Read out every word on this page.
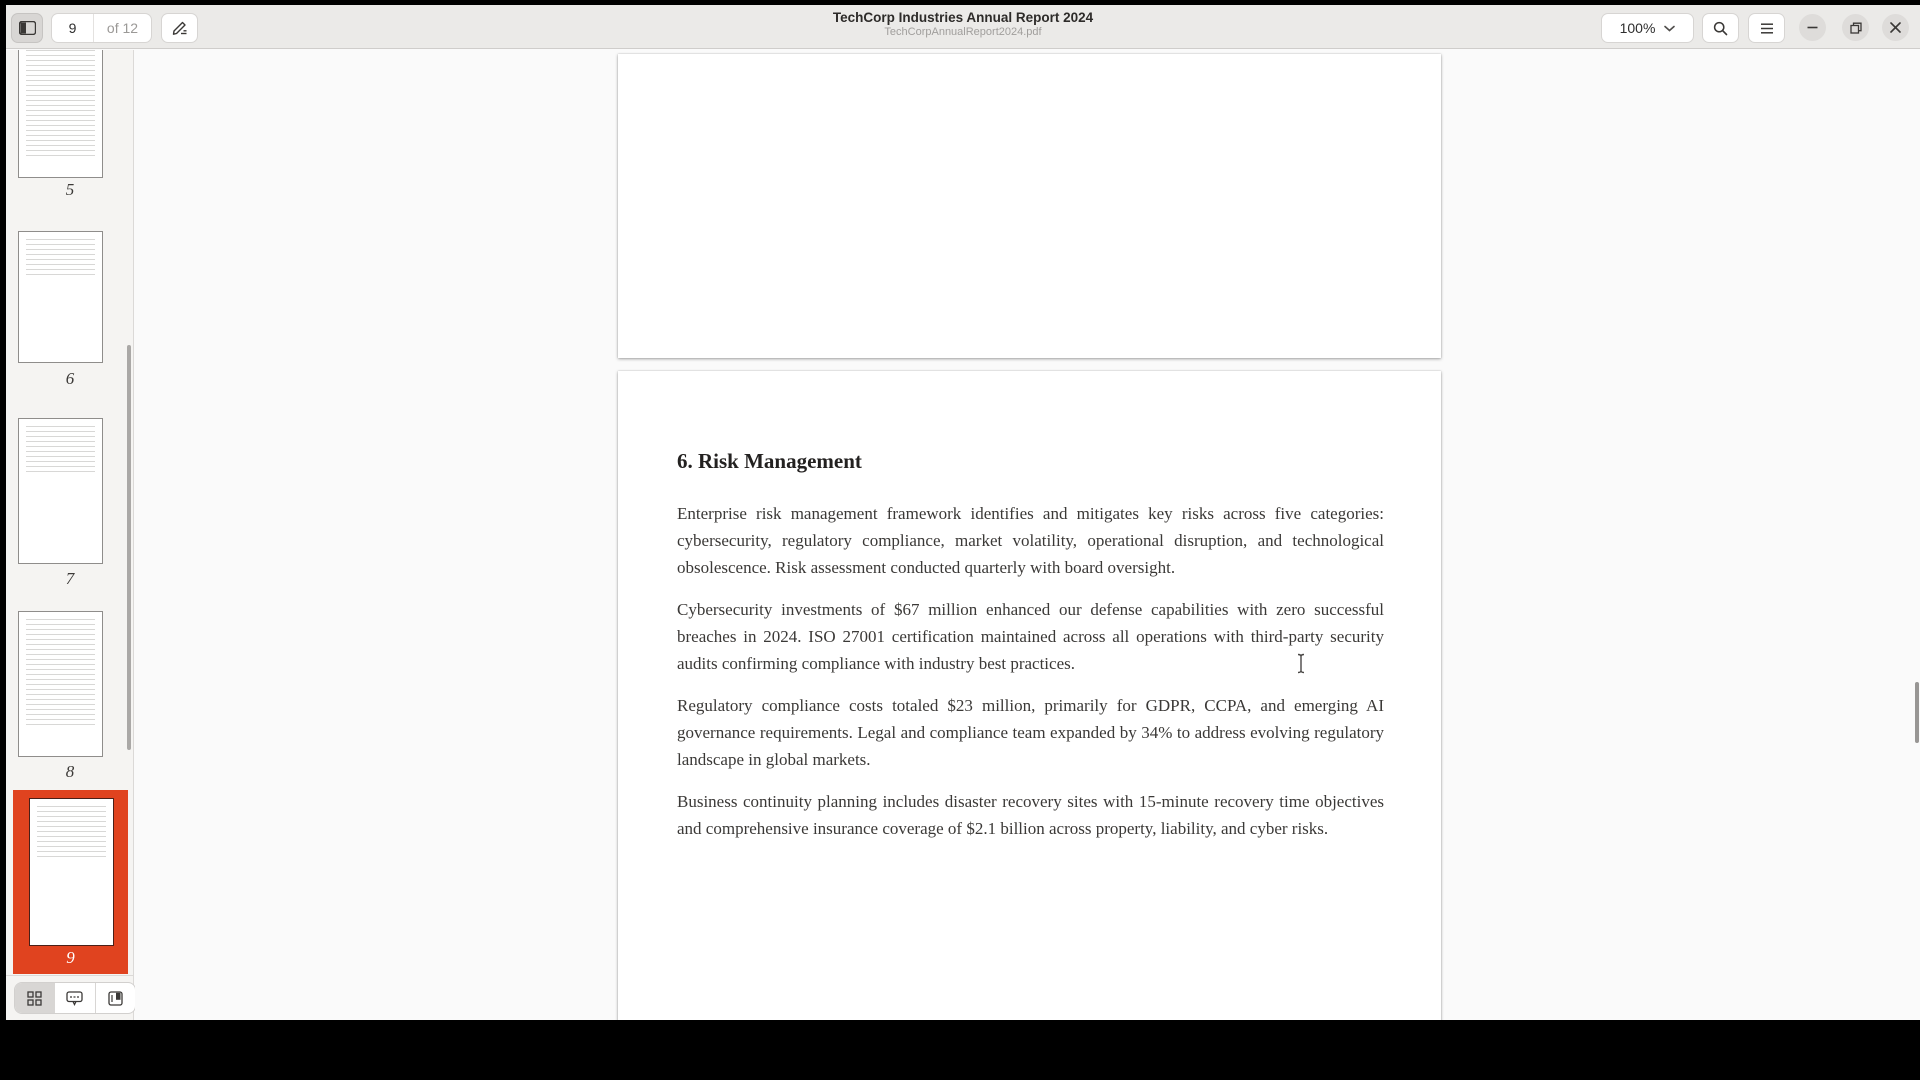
9
of 12
TechCorp Industries Annual Report 2024
TechCorpAnnualReport2024.pdf	100%
5
6
7
8
9
6. Risk Management
Enterprise risk management framework identifies and mitigates key risks across five categories: cybersecurity, regulatory compliance, market volatility, operational disruption, and technological obsolescence. Risk assessment conducted quarterly with board oversight.
Cybersecurity investments of $67 million enhanced our defense capabilities with zero successful breaches in 2024. ISO 27001 certification maintained across all operations with third-party security audits confirming compliance with industry best practices.
Regulatory compliance costs totaled $23 million, primarily for GDPR, CCPA, and emerging AI governance requirements. Legal and compliance team expanded by 34% to address evolving regulatory landscape in global markets.
Business continuity planning includes disaster recovery sites with 15-minute recovery time objectives and comprehensive insurance coverage of $2.1 billion across property, liability, and cyber risks.
